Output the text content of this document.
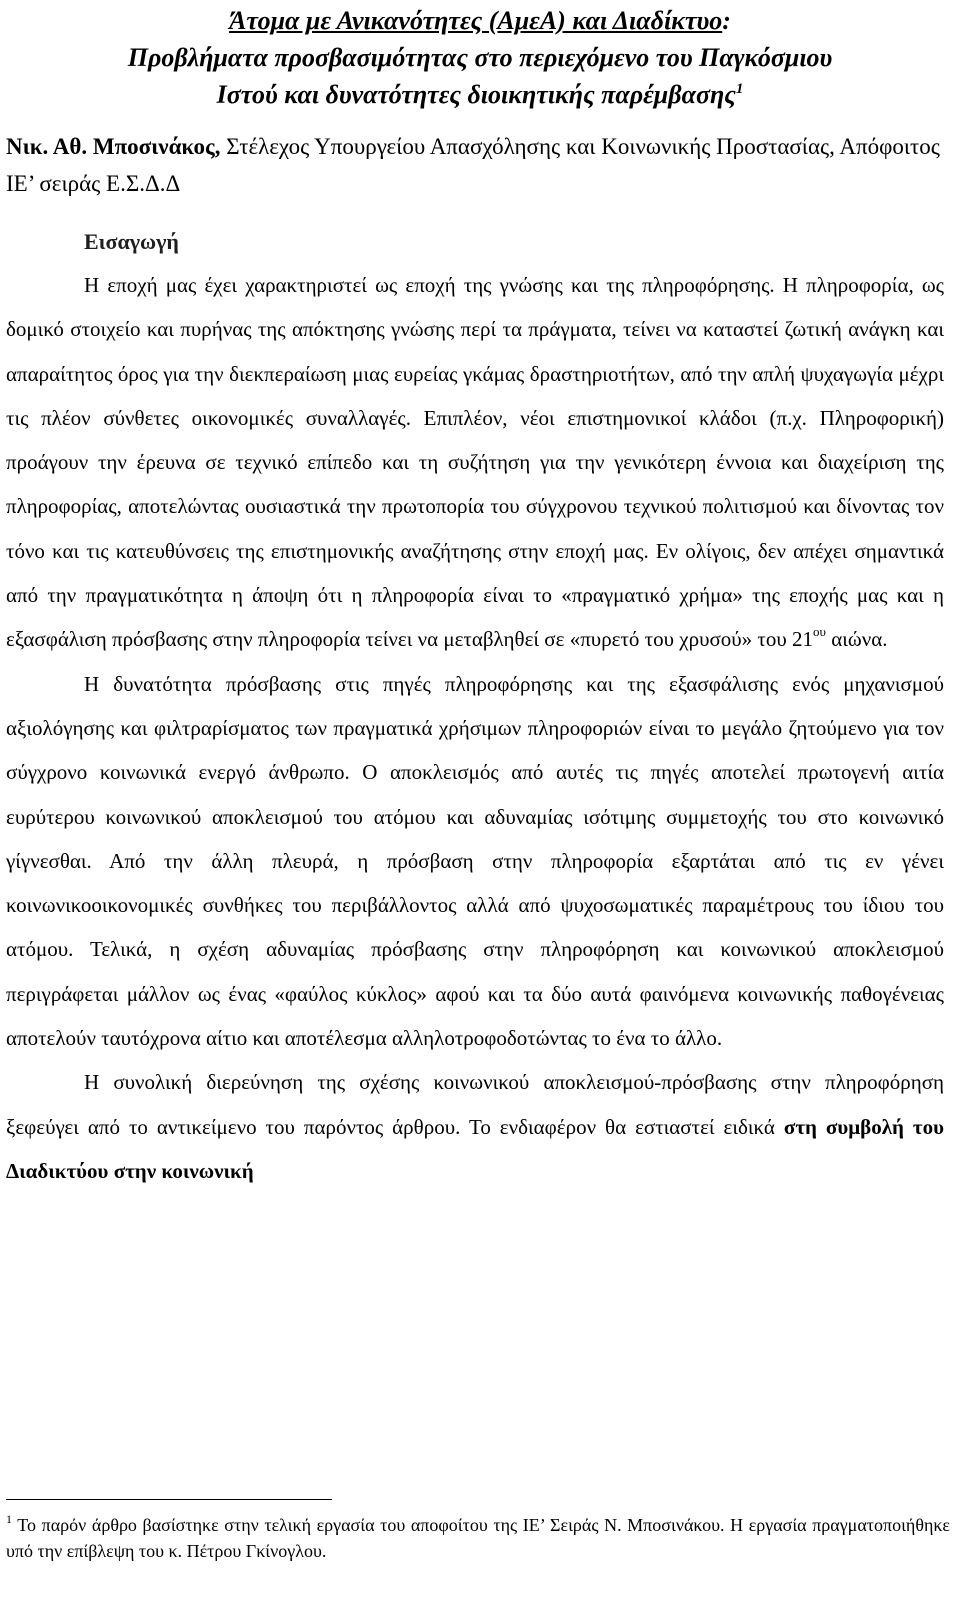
Άτομα με Ανικανότητες (ΑμεΑ) και Διαδίκτυο:
Προβλήματα προσβασιμότητας στο περιεχόμενο του Παγκόσμιου
Ιστού και δυνατότητες διοικητικής παρέμβασης$^1$
Νικ. Αθ. Μποσινάκος, Στέλεχος Υπουργείου Απασχόλησης και Κοινωνικής Προστασίας, Απόφοιτος ΙΕ’ σειράς Ε.Σ.Δ.Δ
Εισαγωγή

Η εποχή μας έχει χαρακτηριστεί ως εποχή της γνώσης και της πληροφόρησης. Η πληροφορία, ως δομικό στοιχείο και πυρήνας της απόκτησης γνώσης περί τα πράγματα, τείνει να καταστεί ζωτική ανάγκη και απαραίτητος όρος για την διεκπεραίωση μιας ευρείας γκάμας δραστηριοτήτων, από την απλή ψυχαγωγία μέχρι τις πλέον σύνθετες οικονομικές συναλλαγές. Επιπλέον, νέοι επιστημονικοί κλάδοι (π.χ. Πληροφορική) προάγουν την έρευνα σε τεχνικό επίπεδο και τη συζήτηση για την γενικότερη έννοια και διαχείριση της πληροφορίας, αποτελώντας ουσιαστικά την πρωτοπορία του σύγχρονου τεχνικού πολιτισμού και δίνοντας τον τόνο και τις κατευθύνσεις της επιστημονικής αναζήτησης στην εποχή μας. Εν ολίγοις, δεν απέχει σημαντικά από την πραγματικότητα η άποψη ότι η πληροφορία είναι το «πραγματικό χρήμα» της εποχής μας και η εξασφάλιση πρόσβασης στην πληροφορία τείνει να μεταβληθεί σε «πυρετό του χρυσού» του $21^{o\upsilon}$ αιώνα.

Η δυνατότητα πρόσβασης στις πηγές πληροφόρησης και της εξασφάλισης ενός μηχανισμού αξιολόγησης και φιλτραρίσματος των πραγματικά χρήσιμων πληροφοριών είναι το μεγάλο ζητούμενο για τον σύγχρονο κοινωνικά ενεργό άνθρωπο. Ο αποκλεισμός από αυτές τις πηγές αποτελεί πρωτογενή αιτία ευρύτερου κοινωνικού αποκλεισμού του ατόμου και αδυναμίας ισότιμης συμμετοχής του στο κοινωνικό γίγνεσθαι. Από την άλλη πλευρά, η πρόσβαση στην πληροφορία εξαρτάται από τις εν γένει κοινωνικοοικονομικές συνθήκες του περιβάλλοντος αλλά από ψυχοσωματικές παραμέτρους του ίδιου του ατόμου. Τελικά, η σχέση αδυναμίας πρόσβασης στην πληροφόρηση και κοινωνικού αποκλεισμού περιγράφεται μάλλον ως ένας «φαύλος κύκλος» αφού και τα δύο αυτά φαινόμενα κοινωνικής παθογένειας αποτελούν ταυτόχρονα αίτιο και αποτέλεσμα αλληλοτροφοδοτώντας το ένα το άλλο.

Η συνολική διερεύνηση της σχέσης κοινωνικού αποκλεισμού-πρόσβασης στην πληροφόρηση ξεφεύγει από το αντικείμενο του παρόντος άρθρου. Το ενδιαφέρον θα εστιαστεί ειδικά στη συμβολή του Διαδικτύου στην κοινωνική

$^1$ Το παρόν άρθρο βασίστηκε στην τελική εργασία του αποφοίτου της ΙΕ’ Σειράς Ν. Μποσινάκου. Η εργασία πραγματοποιήθηκε υπό την επίβλεψη του κ. Πέτρου Γκίνογλου.
